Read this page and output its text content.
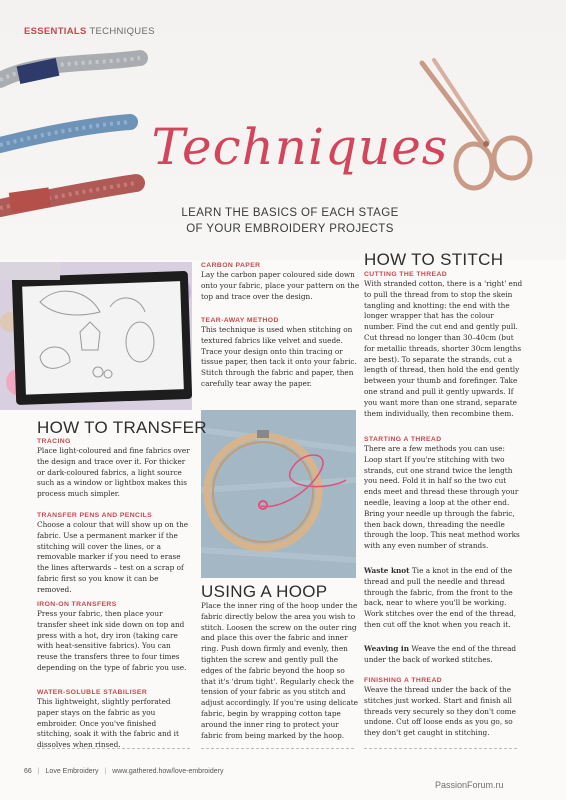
ESSENTIALS TECHNIQUES
Techniques
LEARN THE BASICS OF EACH STAGE
OF YOUR EMBROIDERY PROJECTS
CARBON PAPER
Lay the carbon paper coloured side down onto your fabric, place your pattern on the top and trace over the design.
TEAR-AWAY METHOD
This technique is used when stitching on textured fabrics like velvet and suede. Trace your design onto thin tracing or tissue paper, then tack it onto your fabric. Stitch through the fabric and paper, then carefully tear away the paper.
HOW TO TRANSFER
TRACING
Place light-coloured and fine fabrics over the design and trace over it. For thicker or dark-coloured fabrics, a light source such as a window or lightbox makes this process much simpler.
TRANSFER PENS AND PENCILS
Choose a colour that will show up on the fabric. Use a permanent marker if the stitching will cover the lines, or a removable marker if you need to erase the lines afterwards – test on a scrap of fabric first so you know it can be removed.
IRON-ON TRANSFERS
Press your fabric, then place your transfer sheet ink side down on top and press with a hot, dry iron (taking care with heat-sensitive fabrics). You can reuse the transfers three to four times depending on the type of fabric you use.
WATER-SOLUBLE STABILISER
This lightweight, slightly perforated paper stays on the fabric as you embroider. Once you've finished stitching, soak it with the fabric and it dissolves when rinsed.
USING A HOOP
Place the inner ring of the hoop under the fabric directly below the area you wish to stitch. Loosen the screw on the outer ring and place this over the fabric and inner ring. Push down firmly and evenly, then tighten the screw and gently pull the edges of the fabric beyond the hoop so that it's 'drum tight'. Regularly check the tension of your fabric as you stitch and adjust accordingly. If you're using delicate fabric, begin by wrapping cotton tape around the inner ring to protect your fabric from being marked by the hoop.
HOW TO STITCH
CUTTING THE THREAD
With stranded cotton, there is a 'right' end to pull the thread from to stop the skein tangling and knotting: the end with the longer wrapper that has the colour number. Find the cut end and gently pull. Cut thread no longer than 30–40cm (but for metallic threads, shorter 30cm lengths are best). To separate the strands, cut a length of thread, then hold the end gently between your thumb and forefinger. Take one strand and pull it gently upwards. If you want more than one strand, separate them individually, then recombine them.
STARTING A THREAD
There are a few methods you can use: Loop start If you're stitching with two strands, cut one strand twice the length you need. Fold it in half so the two cut ends meet and thread these through your needle, leaving a loop at the other end. Bring your needle up through the fabric, then back down, threading the needle through the loop. This neat method works with any even number of strands.
Waste knot Tie a knot in the end of the thread and pull the needle and thread through the fabric, from the front to the back, near to where you'll be working. Work stitches over the end of the thread, then cut off the knot when you reach it.
Weaving in Weave the end of the thread under the back of worked stitches.
FINISHING A THREAD
Weave the thread under the back of the stitches just worked. Start and finish all threads very securely so they don't come undone. Cut off loose ends as you go, so they don't get caught in stitching.
66 | Love Embroidery | www.gathered.how/love-embroidery
PassionForum.ru
